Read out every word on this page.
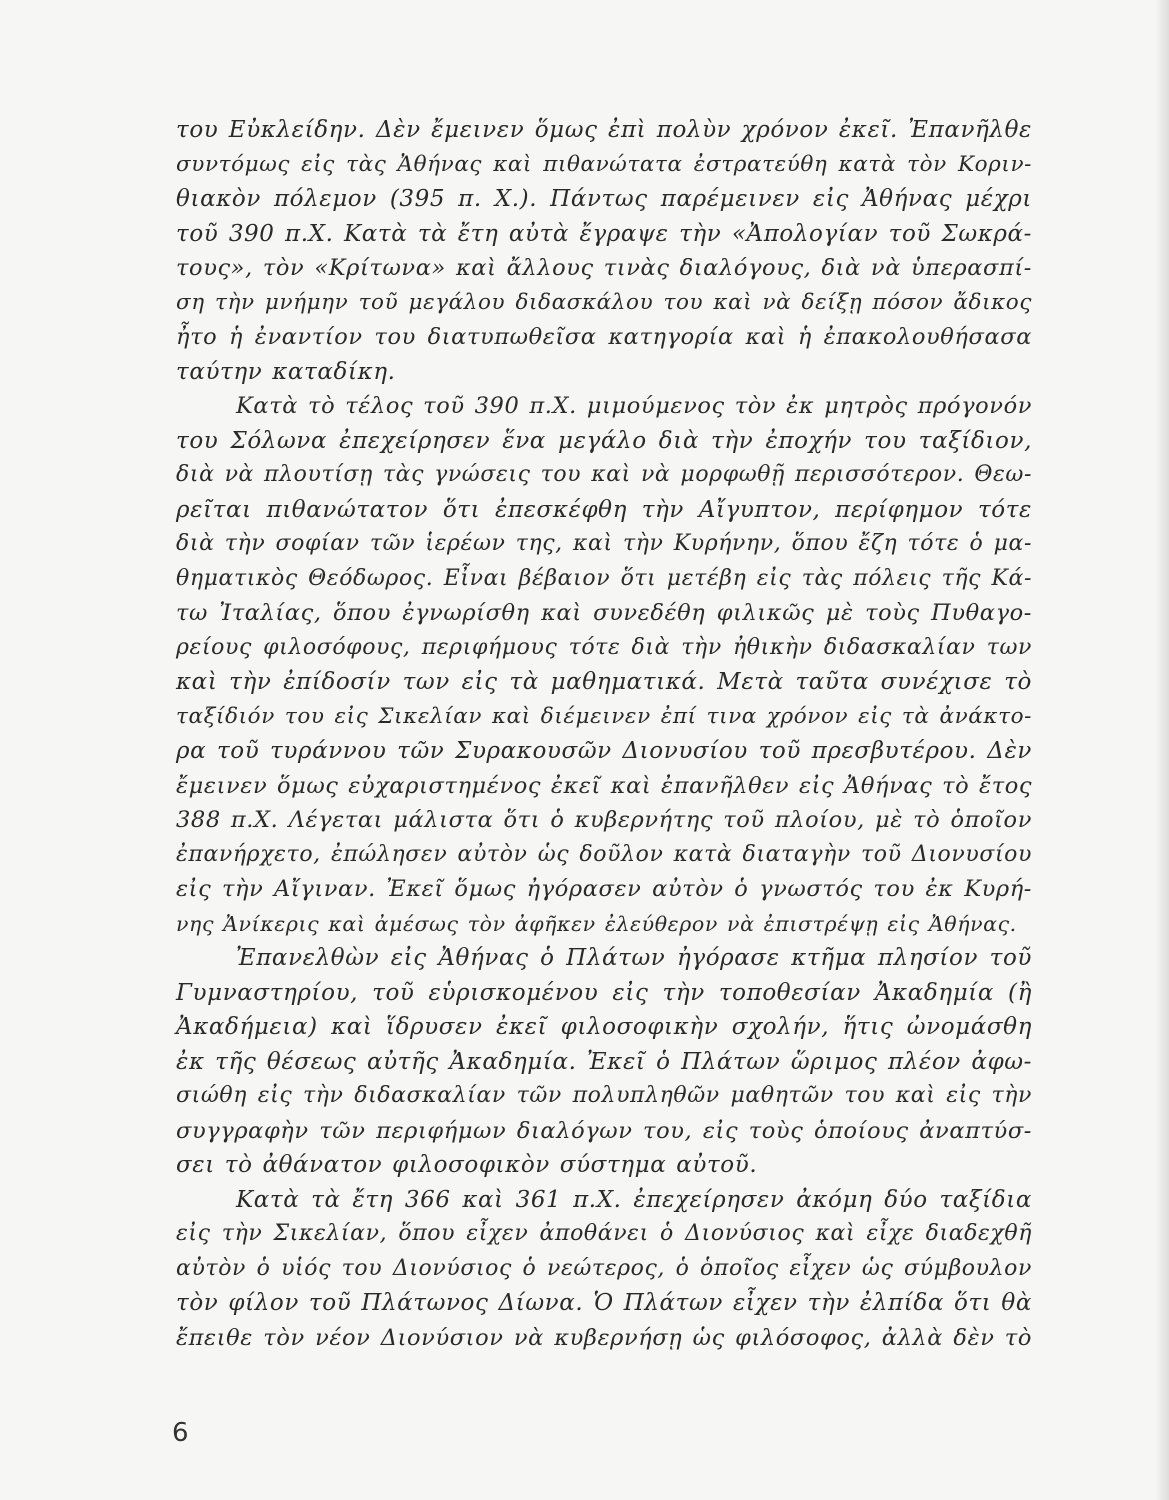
του Εὐκλείδην. Δὲν ἔμεινεν ὅμως ἐπὶ πολὺν χρόνον ἐκεῖ. Ἐπανῆλθε
συντόμως εἰς τὰς Ἀθήνας καὶ πιθανώτατα ἐστρατεύθη κατὰ τὸν Κοριν-
θιακὸν πόλεμον (395 π. Χ.). Πάντως παρέμεινεν εἰς Ἀθήνας μέχρι
τοῦ 390 π.Χ. Κατὰ τὰ ἔτη αὐτὰ ἔγραψε τὴν «Ἀπολογίαν τοῦ Σωκρά-
τους», τὸν «Κρίτωνα» καὶ ἄλλους τινὰς διαλόγους, διὰ νὰ ὑπερασπί-
ση τὴν μνήμην τοῦ μεγάλου διδασκάλου του καὶ νὰ δείξῃ πόσον ἄδικος
ἦτο ἡ ἐναντίον του διατυπωθεῖσα κατηγορία καὶ ἡ ἐπακολουθήσασα
ταύτην καταδίκη.
Κατὰ τὸ τέλος τοῦ 390 π.Χ. μιμούμενος τὸν ἐκ μητρὸς πρόγονόν
του Σόλωνα ἐπεχείρησεν ἕνα μεγάλο διὰ τὴν ἐποχήν του ταξίδιον,
διὰ νὰ πλουτίσῃ τὰς γνώσεις του καὶ νὰ μορφωθῇ περισσότερον. Θεω-
ρεῖται πιθανώτατον ὅτι ἐπεσκέφθη τὴν Αἴγυπτον, περίφημον τότε
διὰ τὴν σοφίαν τῶν ἱερέων της, καὶ τὴν Κυρήνην, ὅπου ἔζη τότε ὁ μα-
θηματικὸς Θεόδωρος. Εἶναι βέβαιον ὅτι μετέβη εἰς τὰς πόλεις τῆς Κά-
τω Ἰταλίας, ὅπου ἐγνωρίσθη καὶ συνεδέθη φιλικῶς μὲ τοὺς Πυθαγο-
ρείους φιλοσόφους, περιφήμους τότε διὰ τὴν ἠθικὴν διδασκαλίαν των
καὶ τὴν ἐπίδοσίν των εἰς τὰ μαθηματικά. Μετὰ ταῦτα συνέχισε τὸ
ταξίδιόν του εἰς Σικελίαν καὶ διέμεινεν ἐπί τινα χρόνον εἰς τὰ ἀνάκτο-
ρα τοῦ τυράννου τῶν Συρακουσῶν Διονυσίου τοῦ πρεσβυτέρου. Δὲν
ἔμεινεν ὅμως εὐχαριστημένος ἐκεῖ καὶ ἐπανῆλθεν εἰς Ἀθήνας τὸ ἔτος
388 π.Χ. Λέγεται μάλιστα ὅτι ὁ κυβερνήτης τοῦ πλοίου, μὲ τὸ ὁποῖον
ἐπανήρχετο, ἐπώλησεν αὐτὸν ὡς δοῦλον κατὰ διαταγὴν τοῦ Διονυσίου
εἰς τὴν Αἴγιναν. Ἐκεῖ ὅμως ἠγόρασεν αὐτὸν ὁ γνωστός του ἐκ Κυρή-
νης Ἀνίκερις καὶ ἀμέσως τὸν ἀφῆκεν ἐλεύθερον νὰ ἐπιστρέψῃ εἰς Ἀθήνας.
Ἐπανελθὼν εἰς Ἀθήνας ὁ Πλάτων ἠγόρασε κτῆμα πλησίον τοῦ
Γυμναστηρίου, τοῦ εὑρισκομένου εἰς τὴν τοποθεσίαν Ἀκαδημία (ἢ
Ἀκαδήμεια) καὶ ἵδρυσεν ἐκεῖ φιλοσοφικὴν σχολήν, ἥτις ὠνομάσθη
ἐκ τῆς θέσεως αὐτῆς Ἀκαδημία. Ἐκεῖ ὁ Πλάτων ὥριμος πλέον ἀφω-
σιώθη εἰς τὴν διδασκαλίαν τῶν πολυπληθῶν μαθητῶν του καὶ εἰς τὴν
συγγραφὴν τῶν περιφήμων διαλόγων του, εἰς τοὺς ὁποίους ἀναπτύσ-
σει τὸ ἀθάνατον φιλοσοφικὸν σύστημα αὐτοῦ.
Κατὰ τὰ ἔτη 366 καὶ 361 π.Χ. ἐπεχείρησεν ἀκόμη δύο ταξίδια
εἰς τὴν Σικελίαν, ὅπου εἶχεν ἀποθάνει ὁ Διονύσιος καὶ εἶχε διαδεχθῆ
αὐτὸν ὁ υἱός του Διονύσιος ὁ νεώτερος, ὁ ὁποῖος εἶχεν ὡς σύμβουλον
τὸν φίλον τοῦ Πλάτωνος Δίωνα. Ὁ Πλάτων εἶχεν τὴν ἐλπίδα ὅτι θὰ
ἔπειθε τὸν νέον Διονύσιον νὰ κυβερνήσῃ ὡς φιλόσοφος, ἀλλὰ δὲν τὸ
6
